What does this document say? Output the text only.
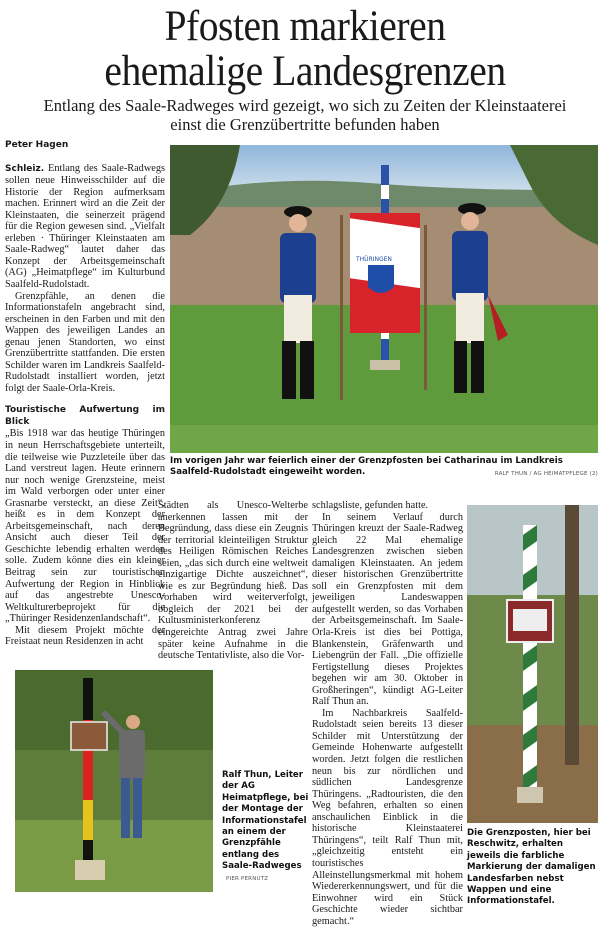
Pfosten markieren
ehemalige Landesgrenzen
Entlang des Saale-Radweges wird gezeigt, wo sich zu Zeiten der Kleinstaaterei
einst die Grenzübertritte befunden haben
Peter Hagen

Schleiz. Entlang des Saale-Radwegs sollen neue Hinweisschilder auf die Historie der Region aufmerksam machen. Erinnert wird an die Zeit der Kleinstaaten, die seinerzeit prägend für die Region gewesen sind. „Vielfalt erleben · Thüringer Kleinstaaten am Saale-Radweg“ lautet daher das Konzept der Arbeitsgemeinschaft (AG) „Heimatpflege“ im Kulturbund Saalfeld-Rudolstadt.

Grenzpfähle, an denen die Informationstafeln angebracht sind, erscheinen in den Farben und mit den Wappen des jeweiligen Landes an genau jenen Standorten, wo einst Grenzübertritte stattfanden. Die ersten Schilder waren im Landkreis Saalfeld-Rudolstadt installiert worden, jetzt folgt der Saale-Orla-Kreis.

Touristische Aufwertung im Blick

„Bis 1918 war das heutige Thüringen in neun Herrschaftsgebiete unterteilt, die teilweise wie Puzzleteile über das Land verstreut lagen. Heute erinnern nur noch wenige Grenzsteine, meist im Wald verborgen oder unter einer Grasnarbe versteckt, an diese Zeit“, heißt es in dem Konzept der Arbeitsgemeinschaft, nach deren Ansicht auch dieser Teil der Geschichte lebendig erhalten werden solle. Zudem könne dies ein kleiner Beitrag sein zur touristischen Aufwertung der Region in Hinblick auf das angestrebte Unesco-Weltkulturerbeprojekt für die „Thüringer Residenzenlandschaft“.

Mit diesem Projekt möchte der Freistaat neun Residenzen in acht

THÜRINGEN
Im vorigen Jahr war feierlich einer der Grenzpfosten bei Catharinau im Landkreis Saalfeld-Rudolstadt eingeweiht worden.	RALF THUN / AG HEIMATPFLEGE (2)

Städten als Unesco-Welterbe anerkennen lassen mit der Begründung, dass diese ein Zeugnis der territorial kleinteiligen Struktur des Heiligen Römischen Reiches seien, „das sich durch eine weltweit einzigartige Dichte auszeichnet“, wie es zur Begründung hieß. Das Vorhaben wird weiterverfolgt, obgleich der 2021 bei der Kultusministerkonferenz eingereichte Antrag zwei Jahre später keine Aufnahme in die deutsche Tentativliste, also die Vor-

schlagsliste, gefunden hatte.

In seinem Verlauf durch Thüringen kreuzt der Saale-Radweg gleich 22 Mal ehemalige Landesgrenzen zwischen sieben damaligen Kleinstaaten. An jedem dieser historischen Grenzübertritte soll ein Grenzpfosten mit dem jeweiligen Landeswappen aufgestellt werden, so das Vorhaben der Arbeitsgemeinschaft. Im Saale-Orla-Kreis ist dies bei Pottiga, Blankenstein, Gräfenwarth und Liebengrün der Fall. „Die offizielle Fertigstellung dieses Projektes begehen wir am 30. Oktober in Großheringen“, kündigt AG-Leiter Ralf Thun an.

Im Nachbarkreis Saalfeld-Rudolstadt seien bereits 13 dieser Schilder mit Unterstützung der Gemeinde Hohenwarte aufgestellt worden. Jetzt folgen die restlichen neun bis zur nördlichen und südlichen Landesgrenze Thüringens. „Radtouristen, die den Weg befahren, erhalten so einen anschaulichen Einblick in die historische Kleinstaaterei Thüringens“, teilt Ralf Thun mit, „gleichzeitig entsteht ein touristisches Alleinstellungsmerkmal mit hohem Wiedererkennungswert, und für die Einwohner wird ein Stück Geschichte wieder sichtbar gemacht.“

Ralf Thun, Leiter der AG Heimatpflege, bei der Montage der Informationstafel an einem der Grenzpfähle entlang des Saale-Radweges PIER PERNUTZ
Die Grenzposten, hier bei Reschwitz, erhalten jeweils die farbliche Markierung der damaligen Landesfarben nebst Wappen und eine Informationstafel.
